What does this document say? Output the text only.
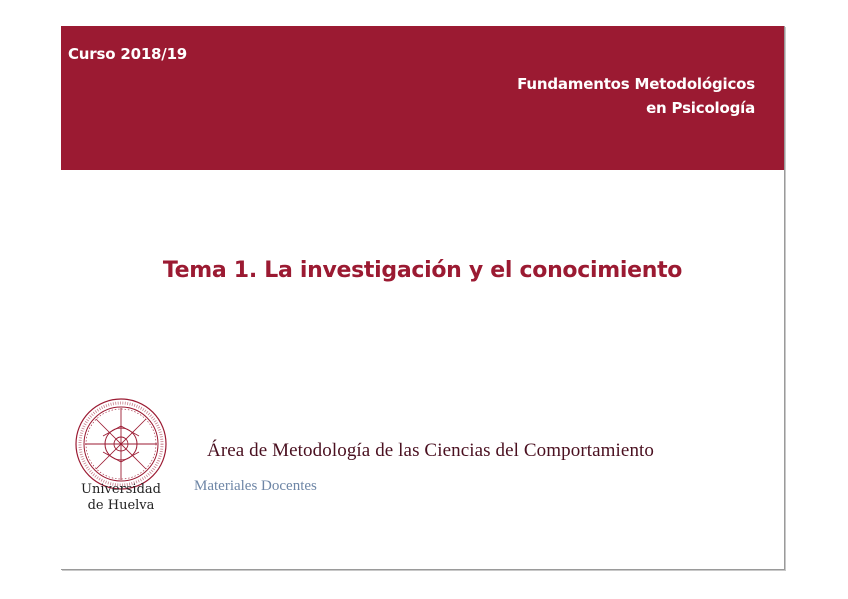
Curso 2018/19
Fundamentos Metodológicos
en Psicología
Tema 1. La investigación y el conocimiento
Universidad
de Huelva
Área de Metodología de las Ciencias del Comportamiento
Materiales Docentes
